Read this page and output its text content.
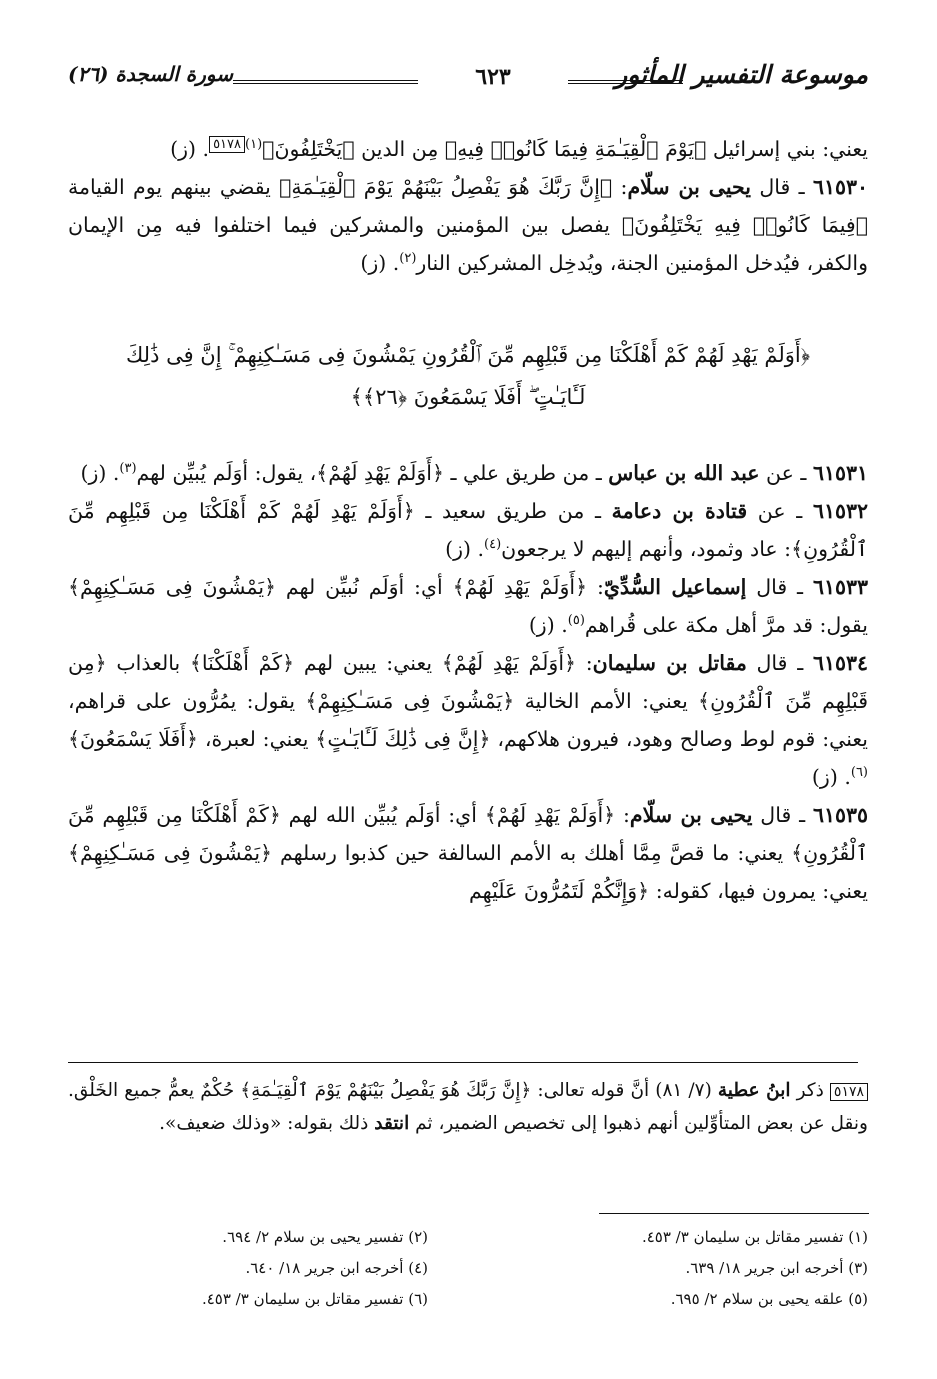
موسوعة التفسير المأثور
٦٢٣
سورة السجدة (٢٦)

يعني: بني إسرائيل ﴿يَوْمَ ٱلْقِيَـٰمَةِ فِيمَا كَانُوا۟ فِيهِ﴾ مِن الدين ﴿يَخْتَلِفُونَ﴾$^{(١)٥١٧٨}$. (ز)

٦١٥٣٠ ـ قال يحيى بن سلّام: ﴿إِنَّ رَبَّكَ هُوَ يَفْصِلُ بَيْنَهُمْ يَوْمَ ٱلْقِيَـٰمَةِ﴾ يقضي بينهم يوم القيامة ﴿فِيمَا كَانُوا۟ فِيهِ يَخْتَلِفُونَ﴾ يفصل بين المؤمنين والمشركين فيما اختلفوا فيه مِن الإيمان والكفر، فيُدخل المؤمنين الجنة، ويُدخِل المشركين النار$^{(٢)}$. (ز)

﴿أَوَلَمْ يَهْدِ لَهُمْ كَمْ أَهْلَكْنَا مِن قَبْلِهِم مِّنَ ٱلْقُرُونِ يَمْشُونَ فِى مَسَـٰكِنِهِمْ ۚ إِنَّ فِى ذَٰلِكَ لَـَٔايَـٰتٍ ۖ أَفَلَا يَسْمَعُونَ ﴿٢٦﴾﴾

٦١٥٣١ ـ عن عبد الله بن عباس ـ من طريق علي ـ ﴿أَوَلَمْ يَهْدِ لَهُمْ﴾، يقول: أوَلَم يُبيِّن لهم$^{(٣)}$. (ز)

٦١٥٣٢ ـ عن قتادة بن دعامة ـ من طريق سعيد ـ ﴿أَوَلَمْ يَهْدِ لَهُمْ كَمْ أَهْلَكْنَا مِن قَبْلِهِم مِّنَ ٱلْقُرُونِ﴾: عاد وثمود، وأنهم إليهم لا يرجعون$^{(٤)}$. (ز)

٦١٥٣٣ ـ قال إسماعيل السُّدِّيّ: ﴿أَوَلَمْ يَهْدِ لَهُمْ﴾ أي: أوَلَم نُبيِّن لهم ﴿يَمْشُونَ فِى مَسَـٰكِنِهِمْ﴾ يقول: قد مرَّ أهل مكة على قُراهم$^{(٥)}$. (ز)

٦١٥٣٤ ـ قال مقاتل بن سليمان: ﴿أَوَلَمْ يَهْدِ لَهُمْ﴾ يعني: يبين لهم ﴿كَمْ أَهْلَكْنَا﴾ بالعذاب ﴿مِن قَبْلِهِم مِّنَ ٱلْقُرُونِ﴾ يعني: الأمم الخالية ﴿يَمْشُونَ فِى مَسَـٰكِنِهِمْ﴾ يقول: يمُرُّون على قراهم، يعني: قوم لوط وصالح وهود، فيرون هلاكهم، ﴿إِنَّ فِى ذَٰلِكَ لَـَٔايَـٰتٍ﴾ يعني: لعبرة، ﴿أَفَلَا يَسْمَعُونَ﴾$^{(٦)}$. (ز)

٦١٥٣٥ ـ قال يحيى بن سلّام: ﴿أَوَلَمْ يَهْدِ لَهُمْ﴾ أي: أوَلَم يُبيِّن الله لهم ﴿كَمْ أَهْلَكْنَا مِن قَبْلِهِم مِّنَ ٱلْقُرُونِ﴾ يعني: ما قصَّ مِمَّا أهلك به الأمم السالفة حين كذبوا رسلهم ﴿يَمْشُونَ فِى مَسَـٰكِنِهِمْ﴾ يعني: يمرون فيها، كقوله: ﴿وَإِنَّكُمْ لَتَمُرُّونَ عَلَيْهِم

٥١٧٨ ذكر ابنُ عطية (٧/ ٨١) أنَّ قوله تعالى: ﴿إِنَّ رَبَّكَ هُوَ يَفْصِلُ بَيْنَهُمْ يَوْمَ ٱلْقِيَـٰمَةِ﴾ حُكْمٌ يعمُّ جميع الخَلْق. ونقل عن بعض المتأوِّلين أنهم ذهبوا إلى تخصيص الضمير، ثم انتقد ذلك بقوله: «وذلك ضعيف».
(١) تفسير مقاتل بن سليمان ٣/ ٤٥٣.
(٢) تفسير يحيى بن سلام ٢/ ٦٩٤.
(٣) أخرجه ابن جرير ١٨/ ٦٣٩.
(٤) أخرجه ابن جرير ١٨/ ٦٤٠.
(٥) علقه يحيى بن سلام ٢/ ٦٩٥.
(٦) تفسير مقاتل بن سليمان ٣/ ٤٥٣.
